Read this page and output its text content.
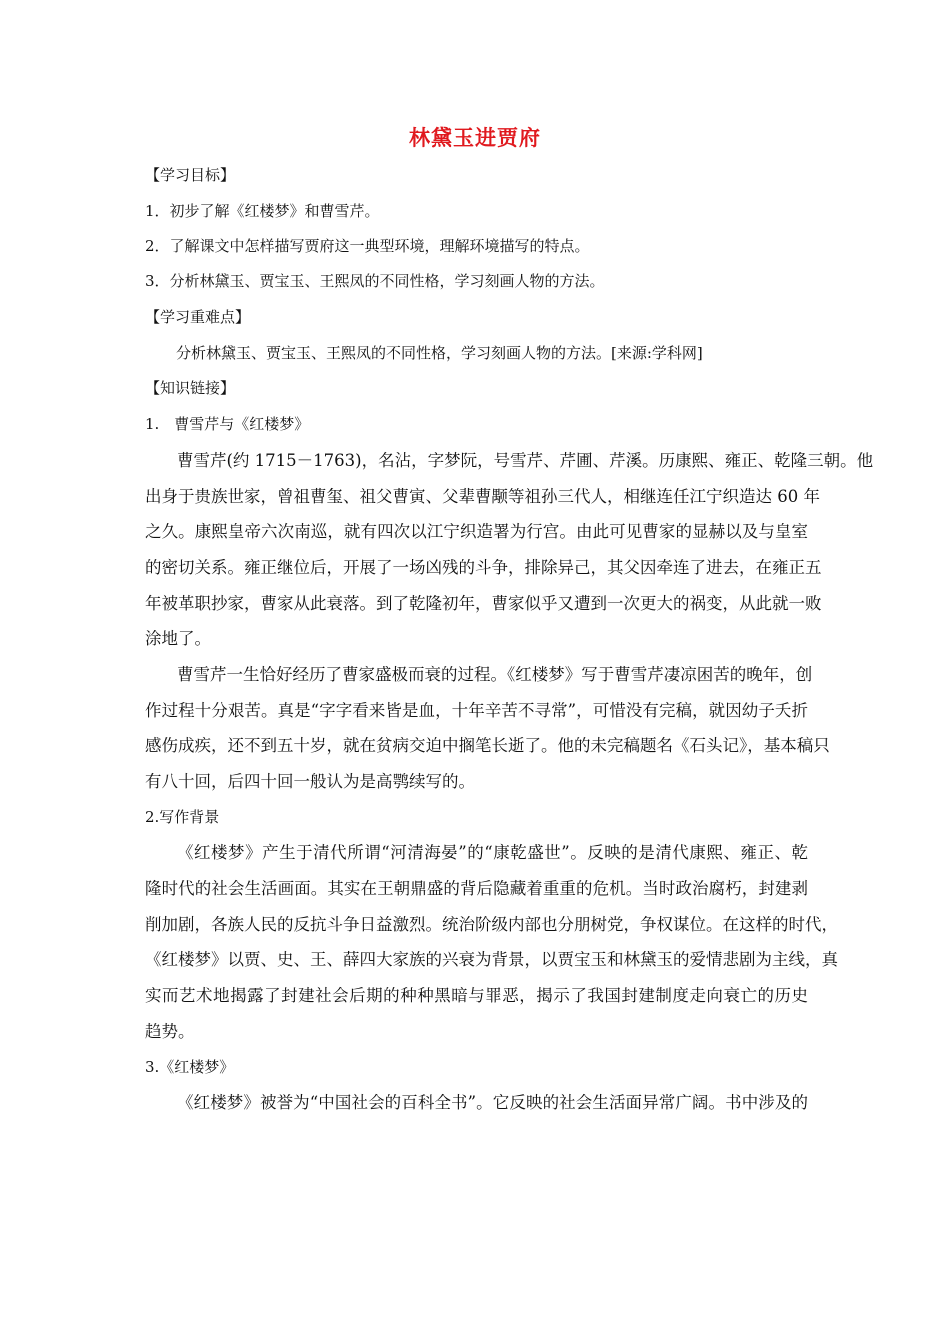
林黛玉进贾府
【学习目标】
1．初步了解《红楼梦》和曹雪芹。
2．了解课文中怎样描写贾府这一典型环境，理解环境描写的特点。
3．分析林黛玉、贾宝玉、王熙凤的不同性格，学习刻画人物的方法。
【学习重难点】
分析林黛玉、贾宝玉、王熙凤的不同性格，学习刻画人物的方法。[来源:学科网]
【知识链接】
1.　曹雪芹与《红楼梦》
曹雪芹(约 1715－1763)，名沾，字梦阮，号雪芹、芹圃、芹溪。历康熙、雍正、乾隆三朝。他
出身于贵族世家，曾祖曹玺、祖父曹寅、父辈曹颙等祖孙三代人，相继连任江宁织造达 60 年
之久。康熙皇帝六次南巡，就有四次以江宁织造署为行宫。由此可见曹家的显赫以及与皇室
的密切关系。雍正继位后，开展了一场凶残的斗争，排除异己，其父因牵连了进去，在雍正五
年被革职抄家，曹家从此衰落。到了乾隆初年，曹家似乎又遭到一次更大的祸变，从此就一败
涂地了。
曹雪芹一生恰好经历了曹家盛极而衰的过程。《红楼梦》写于曹雪芹凄凉困苦的晚年，创
作过程十分艰苦。真是“字字看来皆是血，十年辛苦不寻常”，可惜没有完稿，就因幼子夭折
感伤成疾，还不到五十岁，就在贫病交迫中搁笔长逝了。他的未完稿题名《石头记》，基本稿只
有八十回，后四十回一般认为是高鹗续写的。
2.写作背景
《红楼梦》产生于清代所谓“河清海晏”的“康乾盛世”。反映的是清代康熙、雍正、乾
隆时代的社会生活画面。其实在王朝鼎盛的背后隐藏着重重的危机。当时政治腐朽，封建剥
削加剧，各族人民的反抗斗争日益激烈。统治阶级内部也分朋树党，争权谋位。在这样的时代，
《红楼梦》以贾、史、王、薛四大家族的兴衰为背景，以贾宝玉和林黛玉的爱情悲剧为主线，真
实而艺术地揭露了封建社会后期的种种黑暗与罪恶，揭示了我国封建制度走向衰亡的历史
趋势。
3.《红楼梦》
《红楼梦》被誉为“中国社会的百科全书”。它反映的社会生活面异常广阔。书中涉及的
